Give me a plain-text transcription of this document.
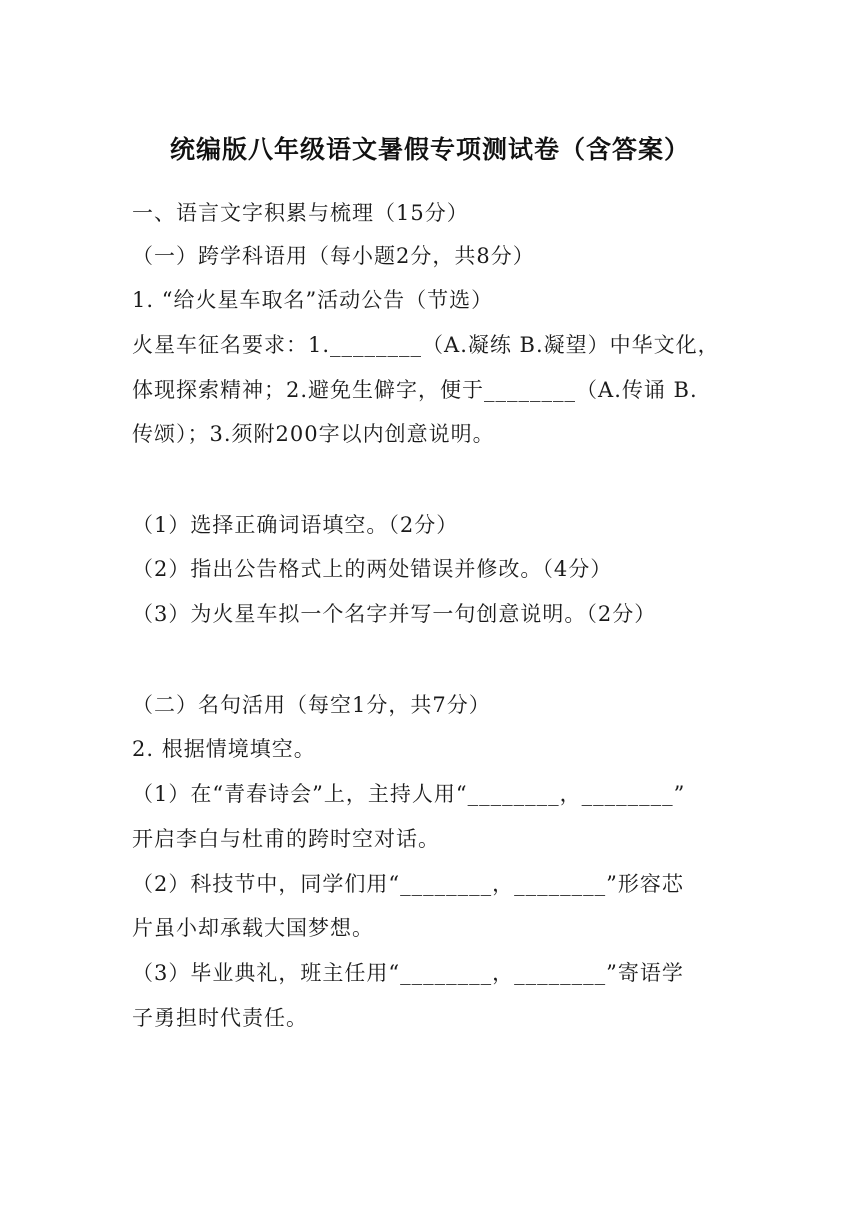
统编版八年级语文暑假专项测试卷（含答案）
一、语言文字积累与梳理（15分）
（一）跨学科语用（每小题2分，共8分）
1. “给火星车取名”活动公告（节选）
火星车征名要求：1.________（A.凝练 B.凝望）中华文化，
体现探索精神；2.避免生僻字，便于________（A.传诵 B.
传颂）；3.须附200字以内创意说明。
（1）选择正确词语填空。（2分）
（2）指出公告格式上的两处错误并修改。（4分）
（3）为火星车拟一个名字并写一句创意说明。（2分）
（二）名句活用（每空1分，共7分）
2. 根据情境填空。
（1）在“青春诗会”上，主持人用“________，________”
开启李白与杜甫的跨时空对话。
（2）科技节中，同学们用“________，________”形容芯
片虽小却承载大国梦想。
（3）毕业典礼，班主任用“________，________”寄语学
子勇担时代责任。
